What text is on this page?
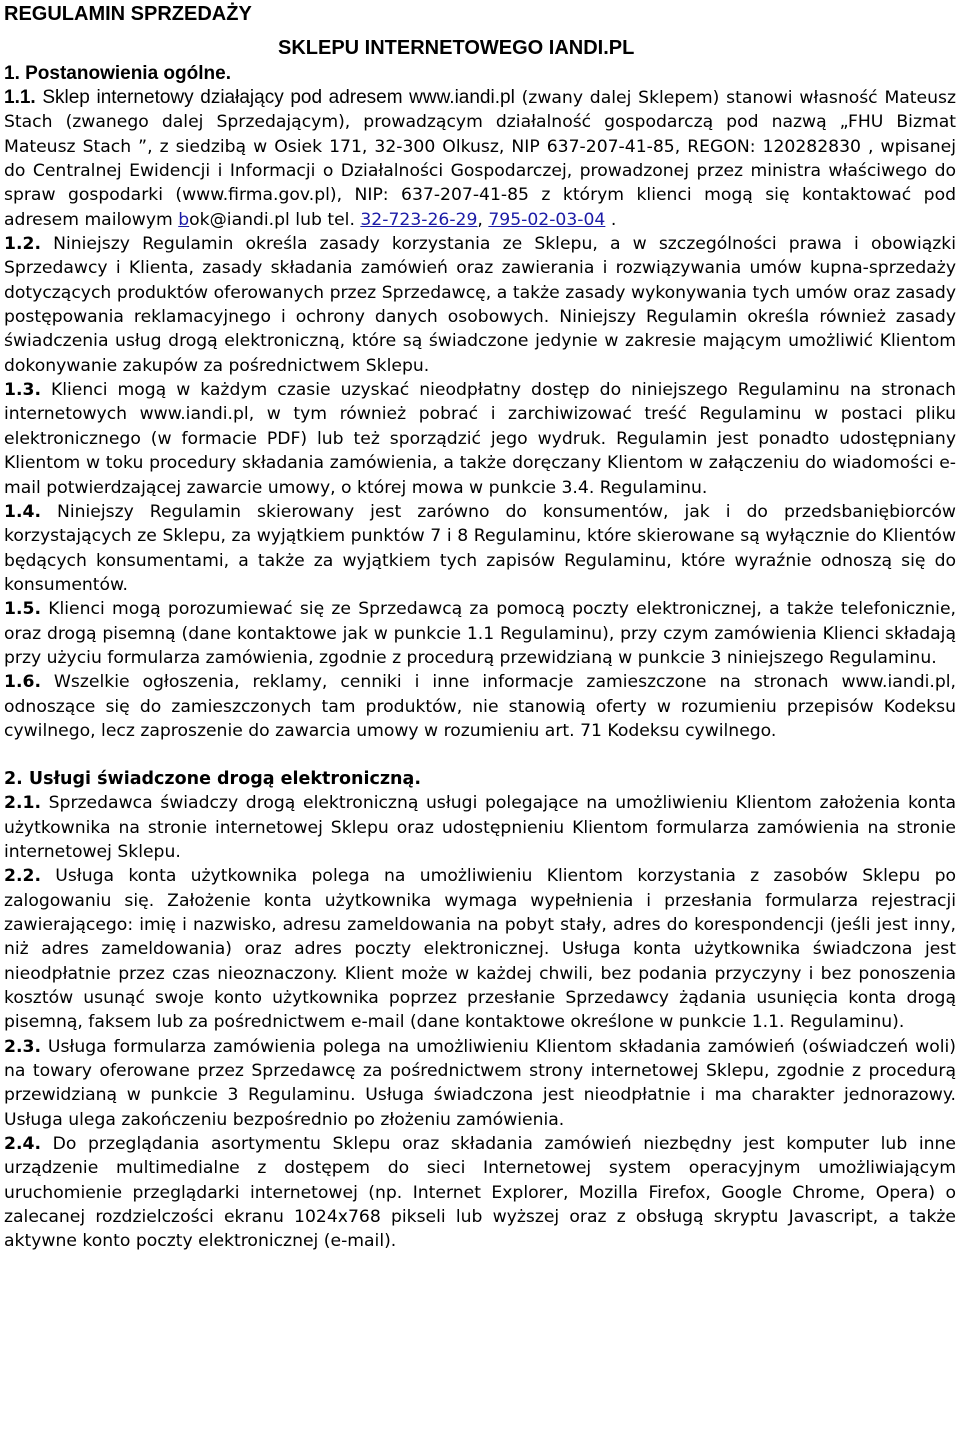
REGULAMIN SPRZEDAŻY
SKLEPU INTERNETOWEGO IANDI.PL
1. Postanowienia ogólne.

1.1. Sklep internetowy działający pod adresem www.iandi.pl (zwany dalej Sklepem) stanowi własność Mateusz Stach (zwanego dalej Sprzedającym), prowadzącym działalność gospodarczą pod nazwą „FHU Bizmat Mateusz Stach ”, z siedzibą w Osiek 171, 32-300 Olkusz, NIP 637-207-41-85, REGON: 120282830 , wpisanej do Centralnej Ewidencji i Informacji o Działalności Gospodarczej, prowadzonej przez ministra właściwego do spraw gospodarki (www.firma.gov.pl), NIP: 637-207-41-85 z którym klienci mogą się kontaktować pod adresem mailowym bok@iandi.pl lub tel. 32-723-26-29, 795-02-03-04 .

1.2. Niniejszy Regulamin określa zasady korzystania ze Sklepu, a w szczególności prawa i obowiązki Sprzedawcy i Klienta, zasady składania zamówień oraz zawierania i rozwiązywania umów kupna-sprzedaży dotyczących produktów oferowanych przez Sprzedawcę, a także zasady wykonywania tych umów oraz zasady postępowania reklamacyjnego i ochrony danych osobowych. Niniejszy Regulamin określa również zasady świadczenia usług drogą elektroniczną, które są świadczone jedynie w zakresie mającym umożliwić Klientom dokonywanie zakupów za pośrednictwem Sklepu.

1.3. Klienci mogą w każdym czasie uzyskać nieodpłatny dostęp do niniejszego Regulaminu na stronach internetowych www.iandi.pl, w tym również pobrać i zarchiwizować treść Regulaminu w postaci pliku elektronicznego (w formacie PDF) lub też sporządzić jego wydruk. Regulamin jest ponadto udostępniany Klientom w toku procedury składania zamówienia, a także doręczany Klientom w załączeniu do wiadomości e-mail potwierdzającej zawarcie umowy, o której mowa w punkcie 3.4. Regulaminu.

1.4. Niniejszy Regulamin skierowany jest zarówno do konsumentów, jak i do przedsbaniębiorców korzystających ze Sklepu, za wyjątkiem punktów 7 i 8 Regulaminu, które skierowane są wyłącznie do Klientów będących konsumentami, a także za wyjątkiem tych zapisów Regulaminu, które wyraźnie odnoszą się do konsumentów.

1.5. Klienci mogą porozumiewać się ze Sprzedawcą za pomocą poczty elektronicznej, a także telefonicznie, oraz drogą pisemną (dane kontaktowe jak w punkcie 1.1 Regulaminu), przy czym zamówienia Klienci składają przy użyciu formularza zamówienia, zgodnie z procedurą przewidzianą w punkcie 3 niniejszego Regulaminu.

1.6. Wszelkie ogłoszenia, reklamy, cenniki i inne informacje zamieszczone na stronach www.iandi.pl, odnoszące się do zamieszczonych tam produktów, nie stanowią oferty w rozumieniu przepisów Kodeksu cywilnego, lecz zaproszenie do zawarcia umowy w rozumieniu art. 71 Kodeksu cywilnego.

2. Usługi świadczone drogą elektroniczną.

2.1. Sprzedawca świadczy drogą elektroniczną usługi polegające na umożliwieniu Klientom założenia konta użytkownika na stronie internetowej Sklepu oraz udostępnieniu Klientom formularza zamówienia na stronie internetowej Sklepu.

2.2. Usługa konta użytkownika polega na umożliwieniu Klientom korzystania z zasobów Sklepu po zalogowaniu się. Założenie konta użytkownika wymaga wypełnienia i przesłania formularza rejestracji zawierającego: imię i nazwisko, adresu zameldowania na pobyt stały, adres do korespondencji (jeśli jest inny, niż adres zameldowania) oraz adres poczty elektronicznej. Usługa konta użytkownika świadczona jest nieodpłatnie przez czas nieoznaczony. Klient może w każdej chwili, bez podania przyczyny i bez ponoszenia kosztów usunąć swoje konto użytkownika poprzez przesłanie Sprzedawcy żądania usunięcia konta drogą pisemną, faksem lub za pośrednictwem e-mail (dane kontaktowe określone w punkcie 1.1. Regulaminu).

2.3. Usługa formularza zamówienia polega na umożliwieniu Klientom składania zamówień (oświadczeń woli) na towary oferowane przez Sprzedawcę za pośrednictwem strony internetowej Sklepu, zgodnie z procedurą przewidzianą w punkcie 3 Regulaminu. Usługa świadczona jest nieodpłatnie i ma charakter jednorazowy. Usługa ulega zakończeniu bezpośrednio po złożeniu zamówienia.

2.4. Do przeglądania asortymentu Sklepu oraz składania zamówień niezbędny jest komputer lub inne urządzenie multimedialne z dostępem do sieci Internetowej system operacyjnym umożliwiającym uruchomienie przeglądarki internetowej (np. Internet Explorer, Mozilla Firefox, Google Chrome, Opera) o zalecanej rozdzielczości ekranu 1024x768 pikseli lub wyższej oraz z obsługą skryptu Javascript, a także aktywne konto poczty elektronicznej (e-mail).
